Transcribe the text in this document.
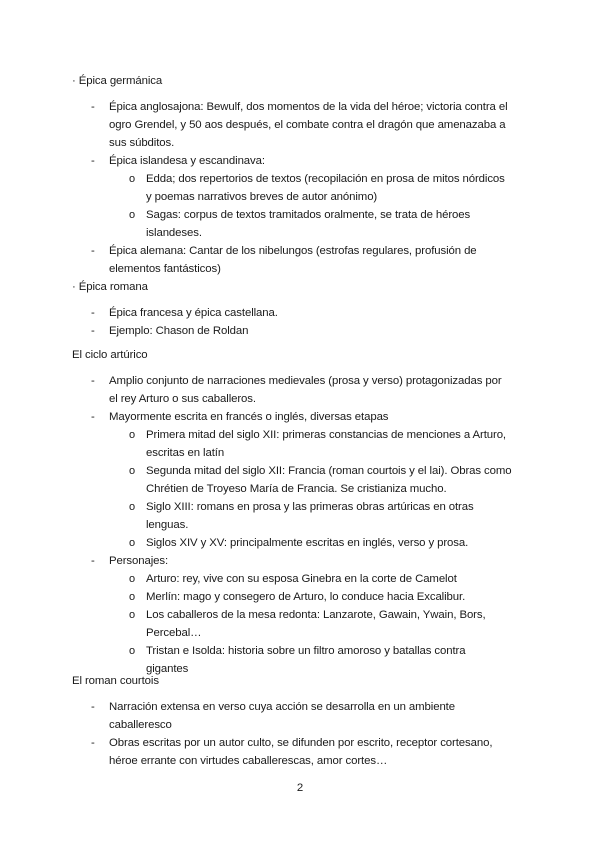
· Épica germánica
- Épica anglosajona: Bewulf, dos momentos de la vida del héroe; victoria contra el
ogro Grendel, y 50 aos después, el combate contra el dragón que amenazaba a
sus súbditos.
- Épica islandesa y escandinava:
o Edda; dos repertorios de textos (recopilación en prosa de mitos nórdicos
y poemas narrativos breves de autor anónimo)
o Sagas: corpus de textos tramitados oralmente, se trata de héroes
islandeses.
- Épica alemana: Cantar de los nibelungos (estrofas regulares, profusión de
elementos fantásticos)
· Épica romana
- Épica francesa y épica castellana.
- Ejemplo: Chason de Roldan
El ciclo artúrico
- Amplio conjunto de narraciones medievales (prosa y verso) protagonizadas por
el rey Arturo o sus caballeros.
- Mayormente escrita en francés o inglés, diversas etapas
o Primera mitad del siglo XII: primeras constancias de menciones a Arturo,
escritas en latín
o Segunda mitad del siglo XII: Francia (roman courtois y el lai). Obras como
Chrétien de Troyeso María de Francia. Se cristianiza mucho.
o Siglo XIII: romans en prosa y las primeras obras artúricas en otras
lenguas.
o Siglos XIV y XV: principalmente escritas en inglés, verso y prosa.
- Personajes:
o Arturo: rey, vive con su esposa Ginebra en la corte de Camelot
o Merlín: mago y consegero de Arturo, lo conduce hacia Excalibur.
o Los caballeros de la mesa redonta: Lanzarote, Gawain, Ywain, Bors,
Percebal…
o Tristan e Isolda: historia sobre un filtro amoroso y batallas contra
gigantes
El roman courtois
- Narración extensa en verso cuya acción se desarrolla en un ambiente
caballeresco
- Obras escritas por un autor culto, se difunden por escrito, receptor cortesano,
héroe errante con virtudes caballerescas, amor cortes…
2
